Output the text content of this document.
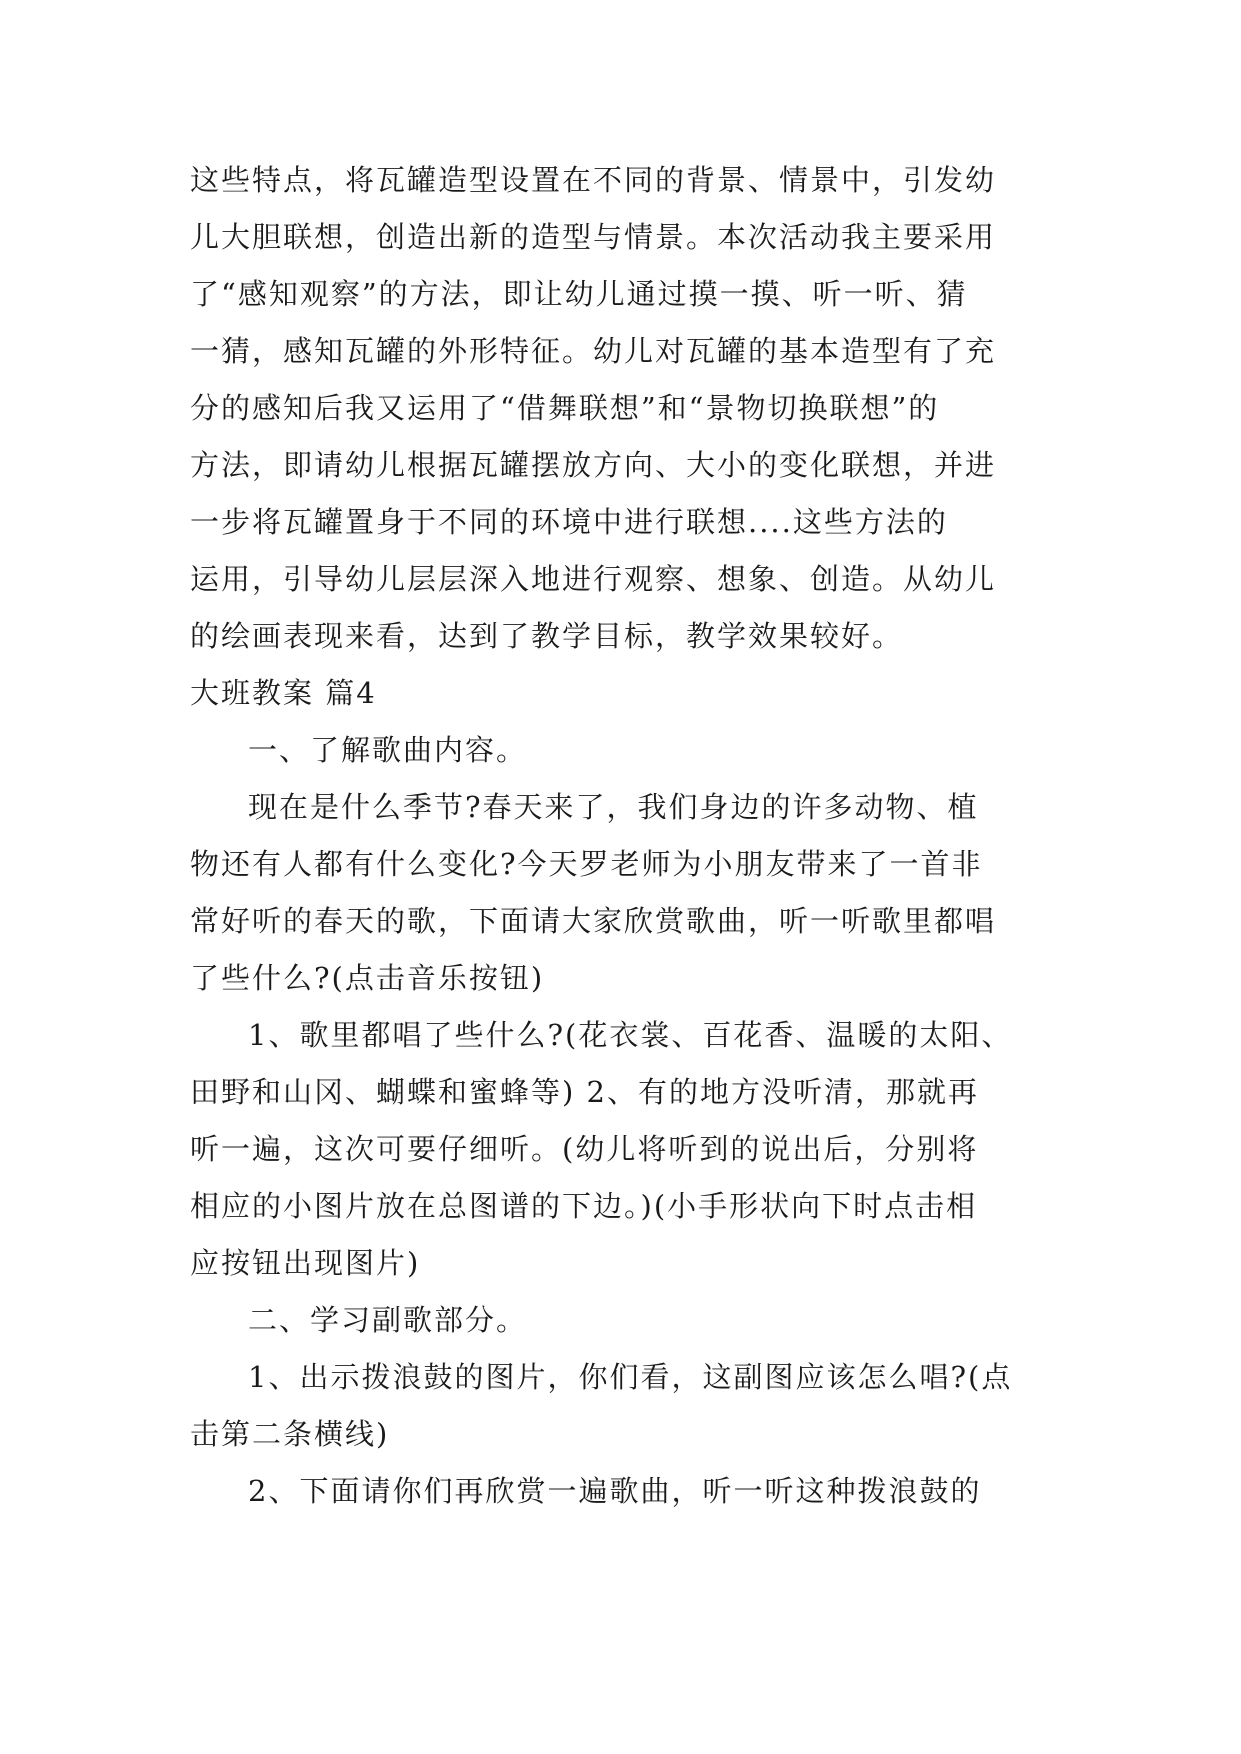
这些特点，将瓦罐造型设置在不同的背景、情景中，引发幼
儿大胆联想，创造出新的造型与情景。本次活动我主要采用
了“感知观察”的方法，即让幼儿通过摸一摸、听一听、猜
一猜，感知瓦罐的外形特征。幼儿对瓦罐的基本造型有了充
分的感知后我又运用了“借舞联想”和“景物切换联想”的
方法，即请幼儿根据瓦罐摆放方向、大小的变化联想，并进
一步将瓦罐置身于不同的环境中进行联想....这些方法的
运用，引导幼儿层层深入地进行观察、想象、创造。从幼儿
的绘画表现来看，达到了教学目标，教学效果较好。
大班教案 篇4
一、了解歌曲内容。
现在是什么季节?春天来了，我们身边的许多动物、植
物还有人都有什么变化?今天罗老师为小朋友带来了一首非
常好听的春天的歌，下面请大家欣赏歌曲，听一听歌里都唱
了些什么?(点击音乐按钮)
1、歌里都唱了些什么?(花衣裳、百花香、温暖的太阳、
田野和山冈、蝴蝶和蜜蜂等) 2、有的地方没听清，那就再
听一遍，这次可要仔细听。(幼儿将听到的说出后，分别将
相应的小图片放在总图谱的下边。)(小手形状向下时点击相
应按钮出现图片)
二、学习副歌部分。
1、出示拨浪鼓的图片，你们看，这副图应该怎么唱?(点
击第二条横线)
2、下面请你们再欣赏一遍歌曲，听一听这种拨浪鼓的
